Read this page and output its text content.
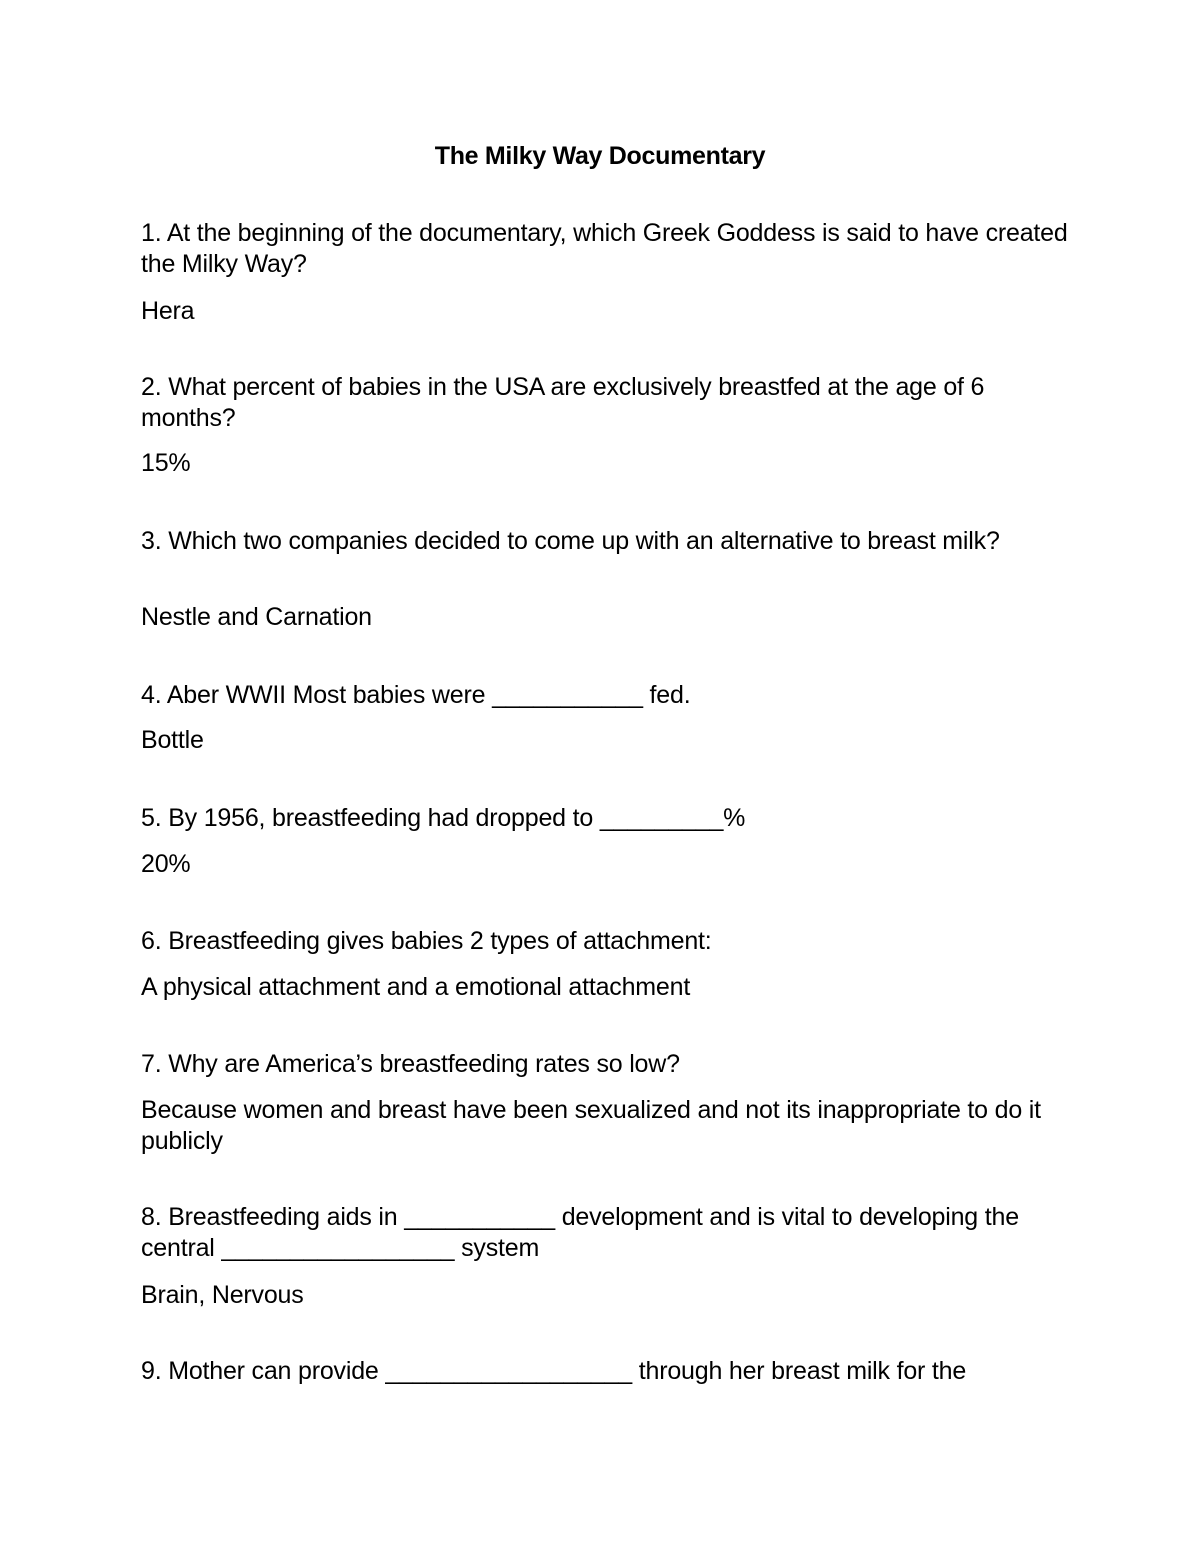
The Milky Way Documentary
1. At the beginning of the documentary, which Greek Goddess is said to have created the Milky Way?
Hera
2. What percent of babies in the USA are exclusively breastfed at the age of 6 months?
15%
3. Which two companies decided to come up with an alternative to breast milk?
Nestle and Carnation
4. Aber WWII Most babies were ___________ fed.
Bottle
5. By 1956, breastfeeding had dropped to _________%
20%
6. Breastfeeding gives babies 2 types of attachment:
A physical attachment and a emotional attachment
7. Why are America’s breastfeeding rates so low?
Because women and breast have been sexualized and not its inappropriate to do it publicly
8. Breastfeeding aids in ___________ development and is vital to developing the central _________________ system
Brain, Nervous
9. Mother can provide __________________ through her breast milk for the
